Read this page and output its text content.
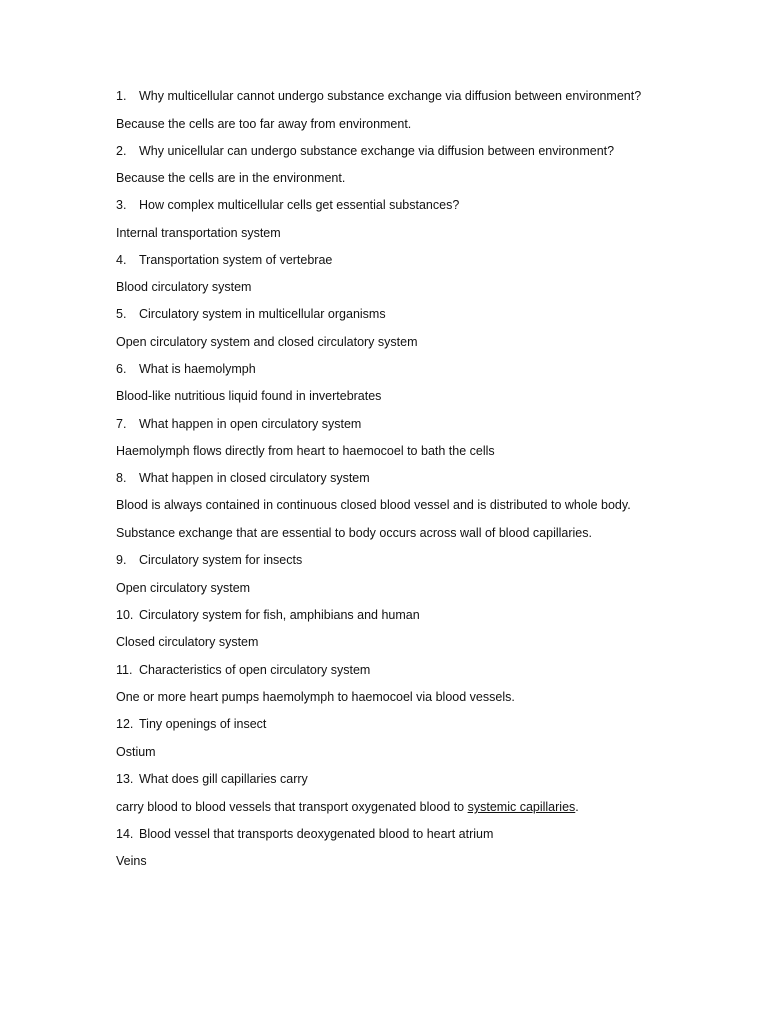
1. Why multicellular cannot undergo substance exchange via diffusion between environment?
Because the cells are too far away from environment.
2. Why unicellular can undergo substance exchange via diffusion between environment?
Because the cells are in the environment.
3. How complex multicellular cells get essential substances?
Internal transportation system
4. Transportation system of vertebrae
Blood circulatory system
5. Circulatory system in multicellular organisms
Open circulatory system and closed circulatory system
6. What is haemolymph
Blood-like nutritious liquid found in invertebrates
7. What happen in open circulatory system
Haemolymph flows directly from heart to haemocoel to bath the cells
8. What happen in closed circulatory system
Blood is always contained in continuous closed blood vessel and is distributed to whole body.
Substance exchange that are essential to body occurs across wall of blood capillaries.
9. Circulatory system for insects
Open circulatory system
10. Circulatory system for fish, amphibians and human
Closed circulatory system
11. Characteristics of open circulatory system
One or more heart pumps haemolymph to haemocoel via blood vessels.
12. Tiny openings of insect
Ostium
13. What does gill capillaries carry
carry blood to blood vessels that transport oxygenated blood to systemic capillaries.
14. Blood vessel that transports deoxygenated blood to heart atrium
Veins
